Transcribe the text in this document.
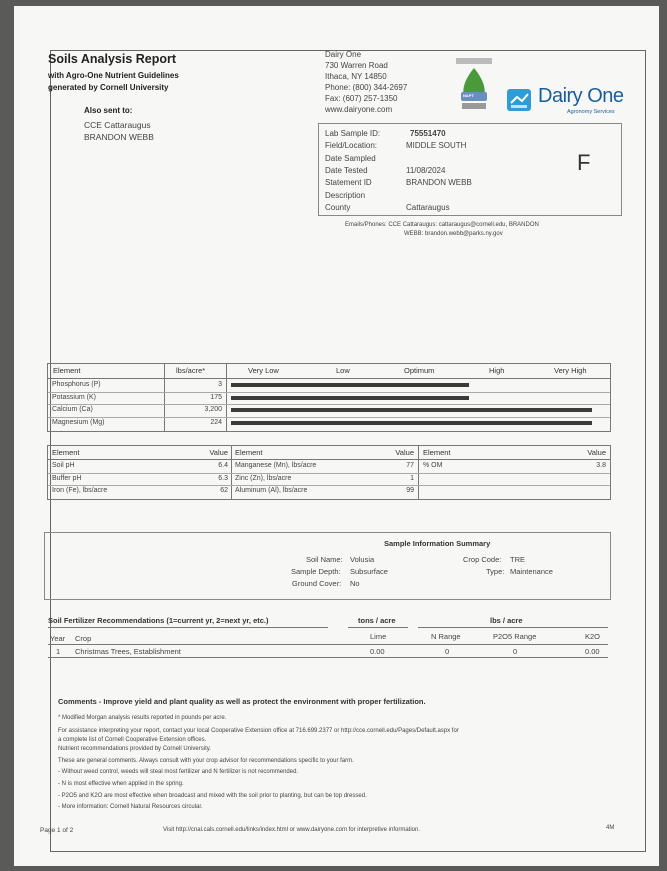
Soils Analysis Report
with Agro-One Nutrient Guidelines
generated by Cornell University
Also sent to:
CCE Cattaraugus
BRANDON WEBB
Dairy One
730 Warren Road
Ithaca, NY 14850
Phone: (800) 344-2697
Fax: (607) 257-1350
www.dairyone.com
NAPT	Dairy One
Agronomy Services
Lab Sample ID:	75551470
Field/Location:	MIDDLE SOUTH
Date Sampled
Date Tested	11/08/2024
Statement ID	BRANDON WEBB
Description
County	Cattaraugus
F
Emails/Phones: CCE Cattaraugus: cattaraugus@cornell.edu, BRANDON
WEBB: brandon.webb@parks.ny.gov
Element	lbs/acre*	Very Low	Low	Optimum	High	Very High
Phosphorus (P)	3
Potassium (K)	175
Calcium (Ca)	3,200
Magnesium (Mg)	224
Element	Value Element	Value Element	Value
Soil pH	6.4 Manganese (Mn), lbs/acre	77 % OM	3.8
Buffer pH	6.3 Zinc (Zn), lbs/acre	1
Iron (Fe), lbs/acre	62 Aluminum (Al), lbs/acre	99
Sample Information Summary
Soil Name: Volusia
Sample Depth: Subsurface
Ground Cover: No
Crop Code: TRE
Type: Maintenance
Soil Fertilizer Recommendations (1=current yr, 2=next yr, etc.)	tons / acre	lbs / acre
Year Crop	Lime	N Range	P2O5 Range	K2O
1 Christmas Trees, Establishment	0.00	0	0	0.00
Comments - Improve yield and plant quality as well as protect the environment with proper fertilization.
* Modified Morgan analysis results reported in pounds per acre.
For assistance interpreting your report, contact your local Cooperative Extension office at 716.699.2377 or http://cce.cornell.edu/Pages/Default.aspx for
a complete list of Cornell Cooperative Extension offices.
Nutrient recommendations provided by Cornell University.
These are general comments. Always consult with your crop advisor for recommendations specific to your farm.
- Without weed control, weeds will steal most fertilizer and N fertilizer is not recommended.
- N is most effective when applied in the spring.
- P2O5 and K2O are most effective when broadcast and mixed with the soil prior to planting, but can be top dressed.
- More information: Cornell Natural Resources circular.
Page 1 of 2	Visit http://cnal.cals.cornell.edu/links/index.html or www.dairyone.com for interpretive information.	4M
